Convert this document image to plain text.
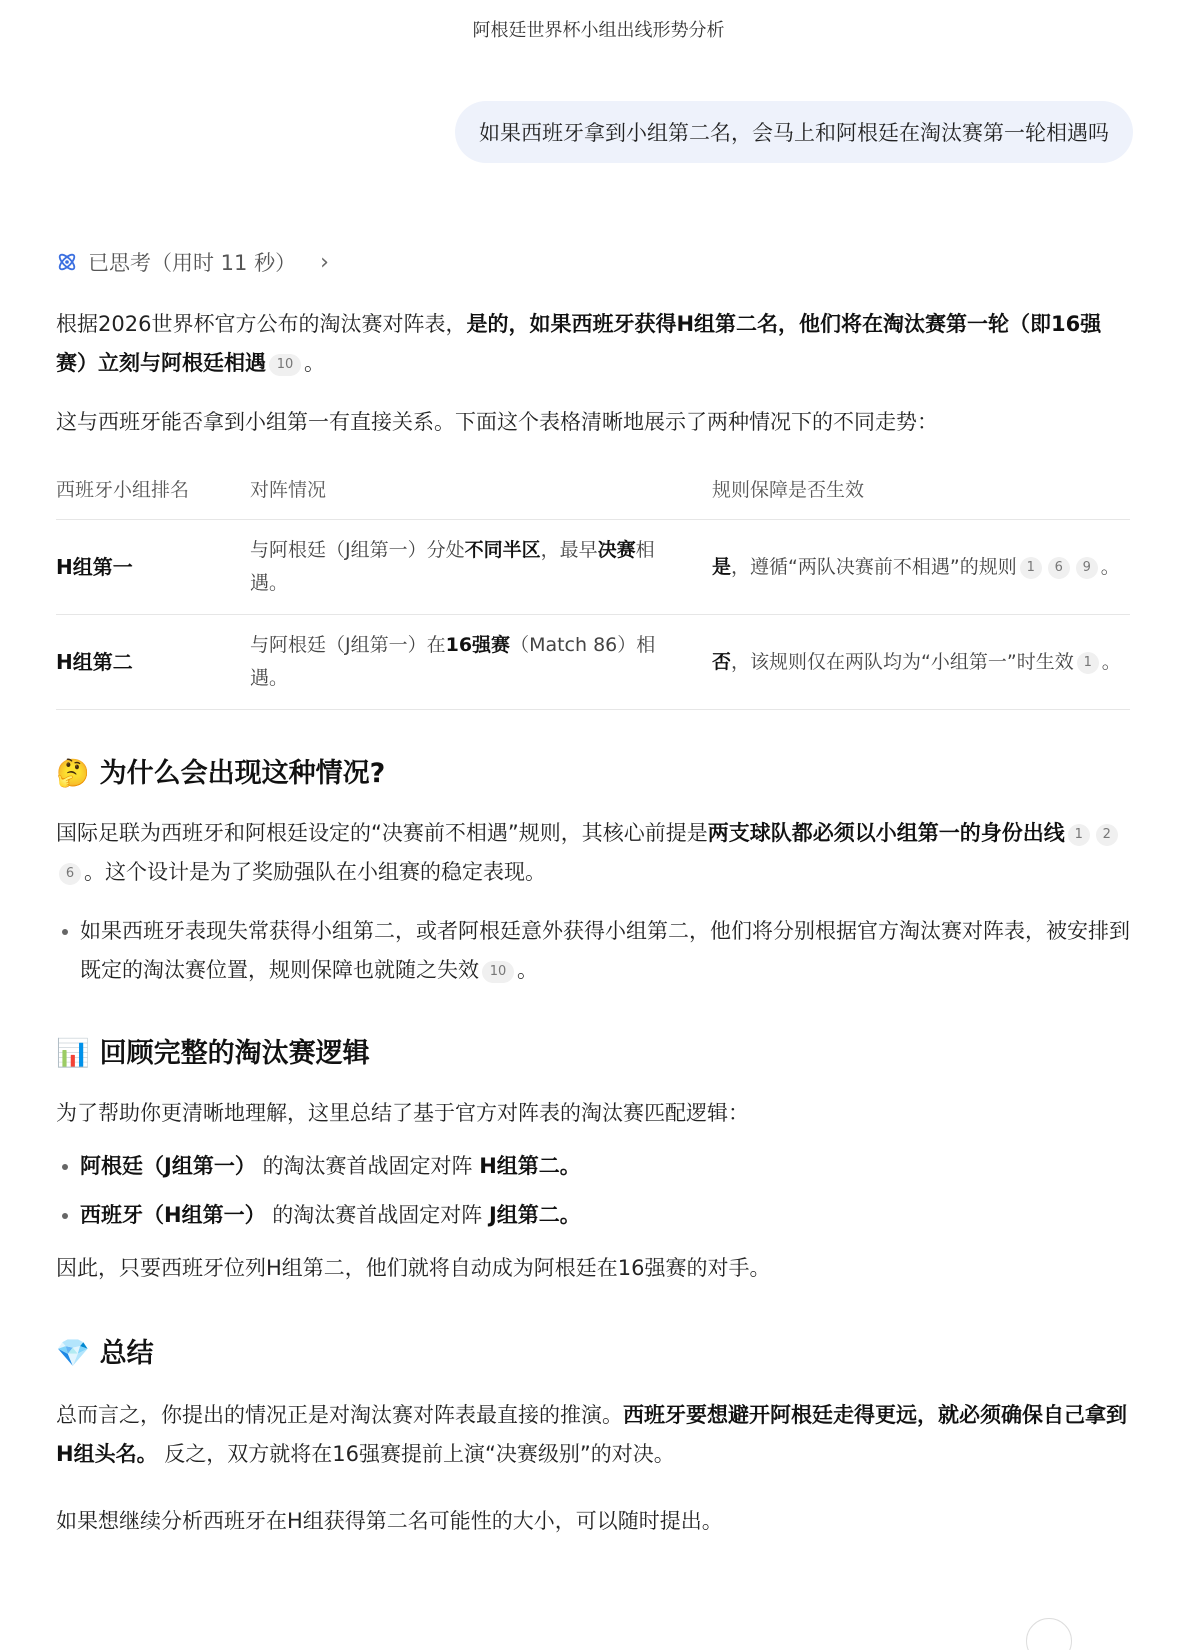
阿根廷世界杯小组出线形势分析
如果西班牙拿到小组第二名，会马上和阿根廷在淘汰赛第一轮相遇吗
已思考（用时 11 秒） ›

根据2026世界杯官方公布的淘汰赛对阵表，是的，如果西班牙获得H组第二名，他们将在淘汰赛第一轮（即16强赛）立刻与阿根廷相遇 10 。

这与西班牙能否拿到小组第一有直接关系。下面这个表格清晰地展示了两种情况下的不同走势：

西班牙小组排名	对阵情况	规则保障是否生效
H组第一	与阿根廷（J组第一）分处不同半区，最早决赛相遇。	是，遵循“两队决赛前不相遇”的规则 1 6 9 。
H组第二	与阿根廷（J组第一）在16强赛（Match 86）相遇。	否，该规则仅在两队均为“小组第一”时生效 1 。
🤔 为什么会出现这种情况?

国际足联为西班牙和阿根廷设定的“决赛前不相遇”规则，其核心前提是两支球队都必须以小组第一的身份出线 1 26 。这个设计是为了奖励强队在小组赛的稳定表现。

如果西班牙表现失常获得小组第二，或者阿根廷意外获得小组第二，他们将分别根据官方淘汰赛对阵表，被安排到既定的淘汰赛位置，规则保障也就随之失效 10 。
📊 回顾完整的淘汰赛逻辑

为了帮助你更清晰地理解，这里总结了基于官方对阵表的淘汰赛匹配逻辑：

阿根廷（J组第一） 的淘汰赛首战固定对阵 H组第二。
西班牙（H组第一） 的淘汰赛首战固定对阵 J组第二。

因此，只要西班牙位列H组第二，他们就将自动成为阿根廷在16强赛的对手。

💎 总结

总而言之，你提出的情况正是对淘汰赛对阵表最直接的推演。西班牙要想避开阿根廷走得更远，就必须确保自己拿到H组头名。 反之，双方就将在16强赛提前上演“决赛级别”的对决。

如果想继续分析西班牙在H组获得第二名可能性的大小，可以随时提出。
